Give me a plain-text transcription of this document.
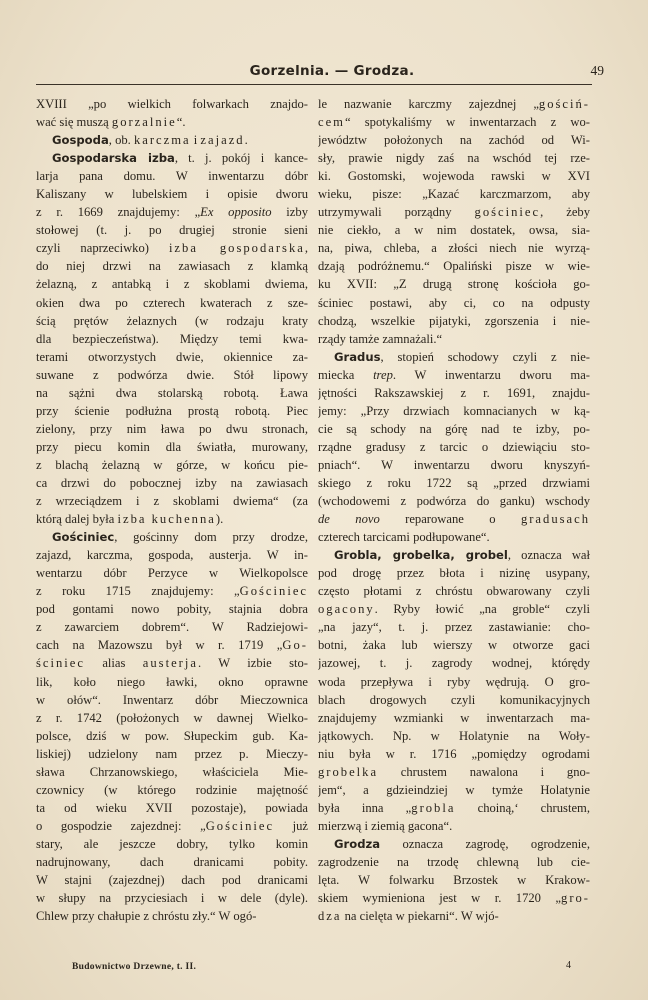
Gorzelnia. — Grodza.	49
XVIII „po wielkich folwarkach znajdo-
wać się muszą gorzalnie“.
Gospoda, ob. karczma i zajazd.
Gospodarska izba, t. j. pokój i kance-
larja pana domu. W inwentarzu dóbr
Kaliszany w lubelskiem i opisie dworu
z r. 1669 znajdujemy: „Ex opposito izby
stołowej (t. j. po drugiej stronie sieni
czyli naprzeciwko) izba gospodarska,
do niej drzwi na zawiasach z klamką
żelazną, z antabką i z skoblami dwiema,
okien dwa po czterech kwaterach z sze-
ścią prętów żelaznych (w rodzaju kraty
dla bezpieczeństwa). Między temi kwa-
terami otworzystych dwie, okiennice za-
suwane z podwórza dwie. Stół lipowy
na sążni dwa stolarską robotą. Ława
przy ścienie podłużna prostą robotą. Piec
zielony, przy nim ława po dwu stronach,
przy piecu komin dla światła, murowany,
z blachą żelazną w górze, w końcu pie-
ca drzwi do pobocznej izby na zawiasach
z wrzeciądzem i z skoblami dwiema“ (za
którą dalej była izba kuchenna).
Gościniec, gościnny dom przy drodze,
zajazd, karczma, gospoda, austerja. W in-
wentarzu dóbr Perzyce w Wielkopolsce
z roku 1715 znajdujemy: „Gościniec
pod gontami nowo pobity, stajnia dobra
z zawarciem dobrem“. W Radziejowi-
cach na Mazowszu był w r. 1719 „Go-
ściniec alias austerja. W izbie sto-
lik, koło niego ławki, okno oprawne
w ołów“. Inwentarz dóbr Mieczownica
z r. 1742 (położonych w dawnej Wielko-
polsce, dziś w pow. Słupeckim gub. Ka-
liskiej) udzielony nam przez p. Mieczy-
sława Chrzanowskiego, właściciela Mie-
czownicy (w którego rodzinie majętność
ta od wieku XVII pozostaje), powiada
o gospodzie zajezdnej: „Gościniec już
stary, ale jeszcze dobry, tylko komin
nadrujnowany, dach dranicami pobity.
W stajni (zajezdnej) dach pod dranicami
w słupy na przyciesiach i w dele (dyle).
Chlew przy chałupie z chróstu zły.“ W ogó-
le nazwanie karczmy zajezdnej „gościń-
cem“ spotykaliśmy w inwentarzach z wo-
jewództw położonych na zachód od Wi-
sły, prawie nigdy zaś na wschód tej rze-
ki. Gostomski, wojewoda rawski w XVI
wieku, pisze: „Kazać karczmarzom, aby
utrzymywali porządny gościniec, żeby
nie ciekło, a w nim dostatek, owsa, sia-
na, piwa, chleba, a złości niech nie wyrzą-
dzają podróżnemu.“ Opaliński pisze w wie-
ku XVII: „Z drugą stronę kościoła go-
ściniec postawi, aby ci, co na odpusty
chodzą, wszelkie pijatyki, zgorszenia i nie-
rządy tamże zamnażali.“
Gradus, stopień schodowy czyli z nie-
miecka trep. W inwentarzu dworu ma-
jętności Rakszawskiej z r. 1691, znajdu-
jemy: „Przy drzwiach komnacianych w ką-
cie są schody na górę nad te izby, po-
rządne gradusy z tarcic o dziewiąciu sto-
pniach“. W inwentarzu dworu knyszyń-
skiego z roku 1722 są „przed drzwiami
(wchodowemi z podwórza do ganku) wschody
de novo reparowane o gradusach
czterech tarcicami podłupowane“.
Grobla, grobelka, grobel, oznacza wał
pod drogę przez błota i nizinę usypany,
często płotami z chróstu obwarowany czyli
ogacony. Ryby łowić „na groble“ czyli
„na jazy“, t. j. przez zastawianie: cho-
botni, żaka lub wierszy w otworze gaci
jazowej, t. j. zagrody wodnej, którędy
woda przepływa i ryby wędrują. O gro-
blach drogowych czyli komunikacyjnych
znajdujemy wzmianki w inwentarzach ma-
jątkowych. Np. w Holatynie na Woły-
niu była w r. 1716 „pomiędzy ogrodami
grobelka chrustem nawalona i gno-
jem“, a gdzieindziej w tymże Holatynie
była inna „grobla choiną,‘ chrustem,
mierzwą i ziemią gacona“.
Grodza oznacza zagrodę, ogrodzenie,
zagrodzenie na trzodę chlewną lub cie-
lęta. W folwarku Brzostek w Krakow-
skiem wymieniona jest w r. 1720 „gro-
dza na cielęta w piekarni“. W wjó-
Budownictwo Drzewne, t. II.	4
